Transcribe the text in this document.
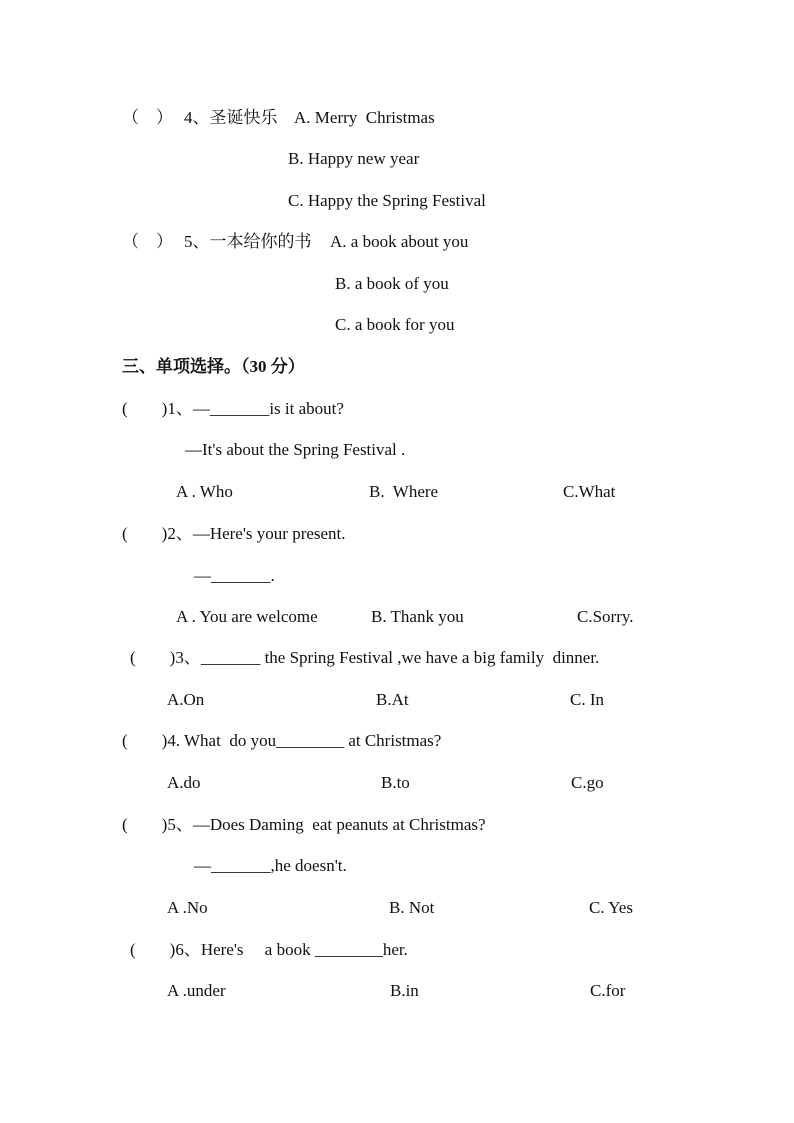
（　） 4、圣诞快乐 A. Merry  Christmas
B. Happy new year
C. Happy the Spring Festival
（　） 5、一本给你的书 A. a book about you
B. a book of you
C. a book for you
三、单项选择。（30 分）
(        )1、—_______is it about?
—It's about the Spring Festival .
A . Who	B.  Where	C.What
(        )2、—Here's your present.
—_______.
A . You are welcome	B. Thank you	C.Sorry.
(        )3、_______ the Spring Festival ,we have a big family  dinner.
A.On	B.At	C. In
(        )4. What  do you________ at Christmas?
A.do	B.to	C.go
(        )5、—Does Daming  eat peanuts at Christmas?
—_______,he doesn't.
A .No	B. Not	C. Yes
(        )6、Here's     a book ________her.
A .under	B.in	C.for
